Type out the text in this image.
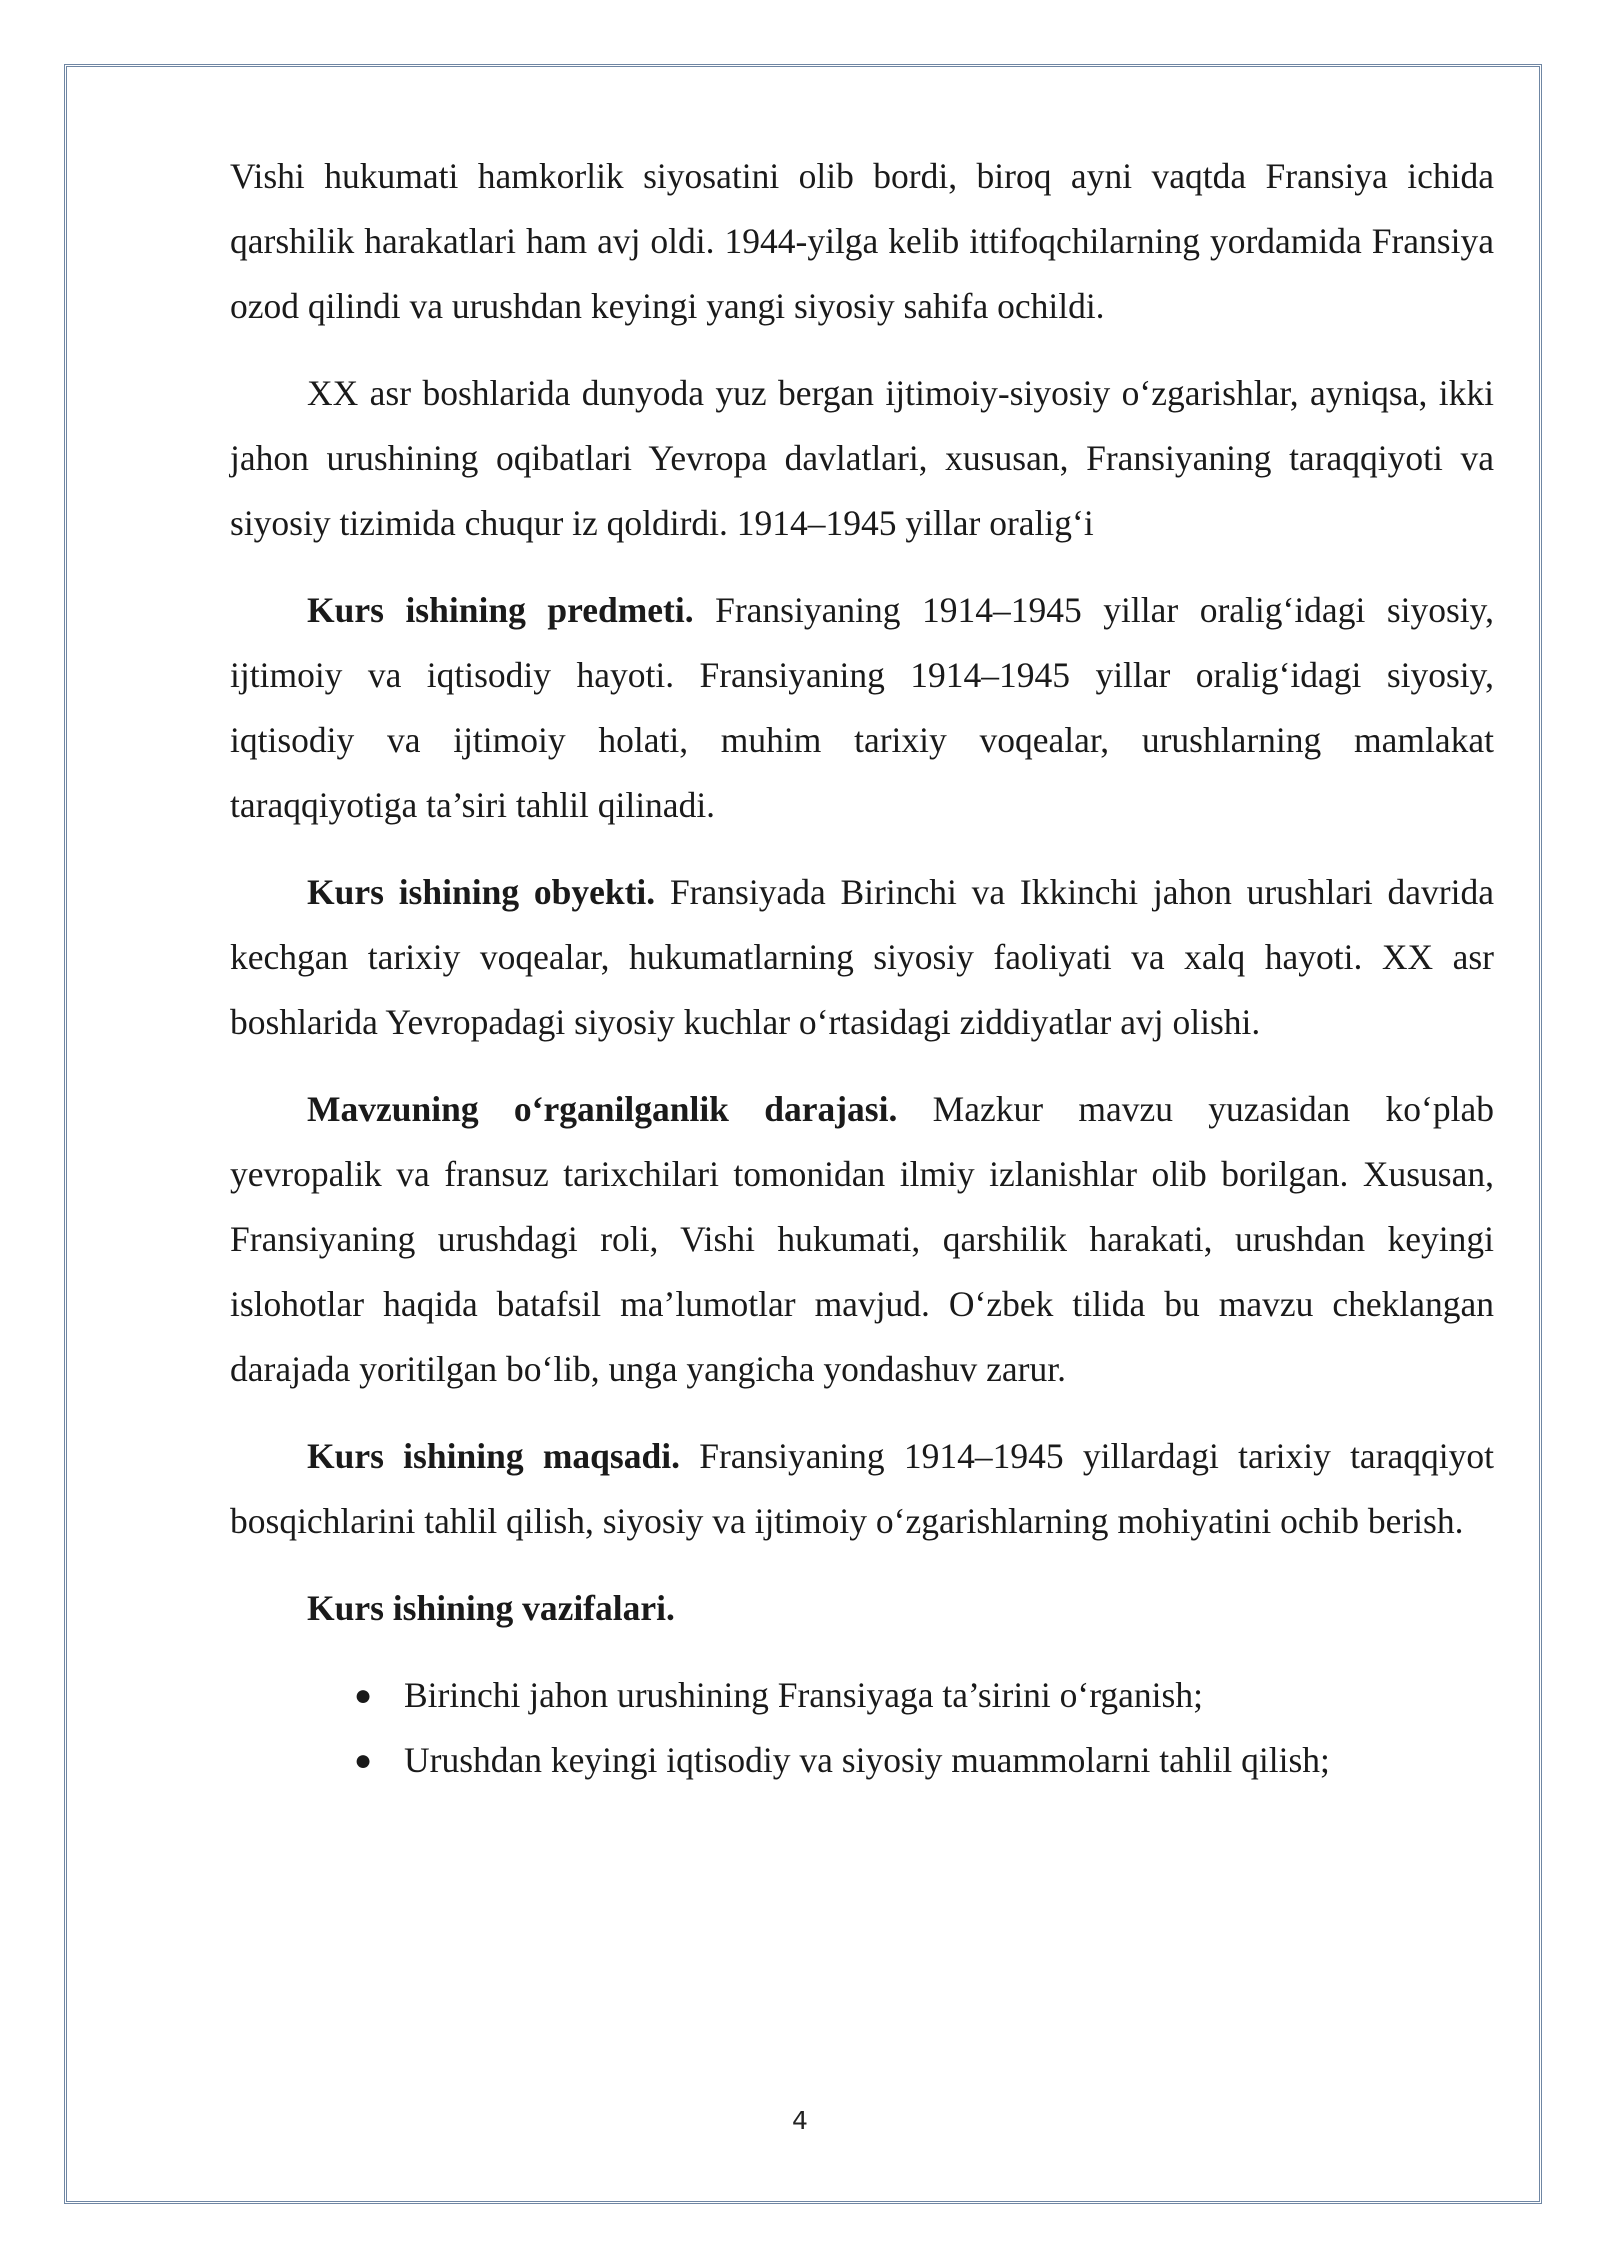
Vishi hukumati hamkorlik siyosatini olib bordi, biroq ayni vaqtda Fransiya ichida qarshilik harakatlari ham avj oldi. 1944-yilga kelib ittifoqchilarning yordamida Fransiya ozod qilindi va urushdan keyingi yangi siyosiy sahifa ochildi.

XX asr boshlarida dunyoda yuz bergan ijtimoiy-siyosiy o‘zgarishlar, ayniqsa, ikki jahon urushining oqibatlari Yevropa davlatlari, xususan, Fransiyaning taraqqiyoti va siyosiy tizimida chuqur iz qoldirdi. 1914–1945 yillar oralig‘i

Kurs ishining predmeti. Fransiyaning 1914–1945 yillar oralig‘idagi siyosiy, ijtimoiy va iqtisodiy hayoti. Fransiyaning 1914–1945 yillar oralig‘idagi siyosiy, iqtisodiy va ijtimoiy holati, muhim tarixiy voqealar, urushlarning mamlakat taraqqiyotiga ta’siri tahlil qilinadi.

Kurs ishining obyekti. Fransiyada Birinchi va Ikkinchi jahon urushlari davrida kechgan tarixiy voqealar, hukumatlarning siyosiy faoliyati va xalq hayoti. XX asr boshlarida Yevropadagi siyosiy kuchlar o‘rtasidagi ziddiyatlar avj olishi.

Mavzuning o‘rganilganlik darajasi. Mazkur mavzu yuzasidan ko‘plab yevropalik va fransuz tarixchilari tomonidan ilmiy izlanishlar olib borilgan. Xususan, Fransiyaning urushdagi roli, Vishi hukumati, qarshilik harakati, urushdan keyingi islohotlar haqida batafsil ma’lumotlar mavjud. O‘zbek tilida bu mavzu cheklangan darajada yoritilgan bo‘lib, unga yangicha yondashuv zarur.

Kurs ishining maqsadi. Fransiyaning 1914–1945 yillardagi tarixiy taraqqiyot bosqichlarini tahlil qilish, siyosiy va ijtimoiy o‘zgarishlarning mohiyatini ochib berish.

Kurs ishining vazifalari.

● Birinchi jahon urushining Fransiyaga ta’sirini o‘rganish;
● Urushdan keyingi iqtisodiy va siyosiy muammolarni tahlil qilish;
4
